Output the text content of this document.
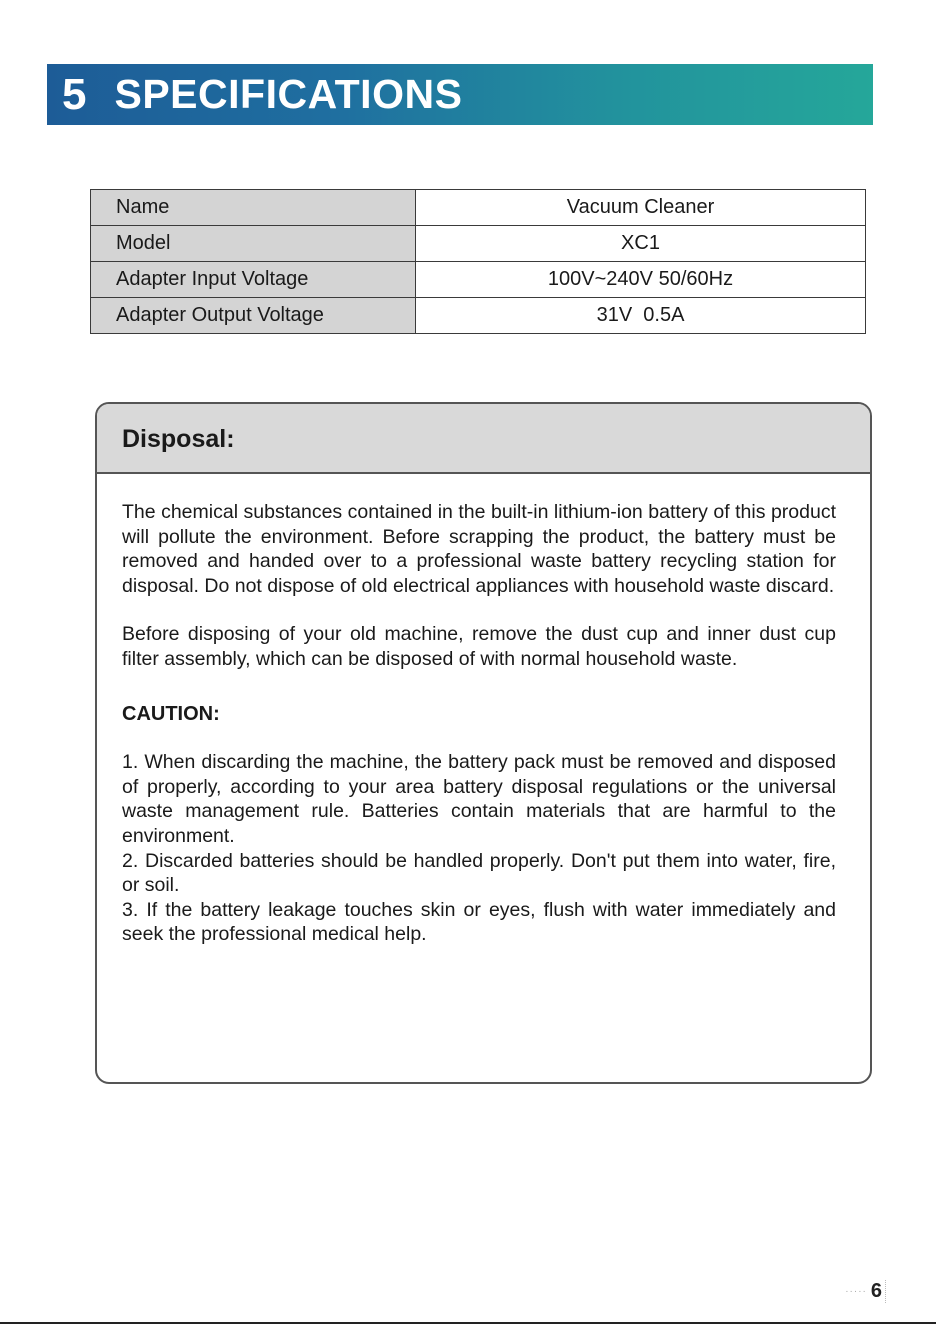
5 SPECIFICATIONS
Name	Vacuum Cleaner
Model	XC1
Adapter Input Voltage	100V~240V 50/60Hz
Adapter Output Voltage	31V  0.5A
Disposal:

The chemical substances contained in the built-in lithium-ion battery of this product will pollute the environment. Before scrapping the product, the battery must be removed and handed over to a professional waste battery recycling station for disposal. Do not dispose of old electrical appliances with household waste discard.

Before disposing of your old machine, remove the dust cup and inner dust cup filter assembly, which can be disposed of with normal household waste.

CAUTION:

1. When discarding the machine, the battery pack must be removed and disposed of properly, according to your area battery disposal regulations or the universal waste management rule. Batteries contain materials that are harmful to the environment.

2. Discarded batteries should be handled properly. Don't put them into water, fire, or soil.

3. If the battery leakage touches skin or eyes, flush with water immediately and seek the professional medical help.

····· 6
